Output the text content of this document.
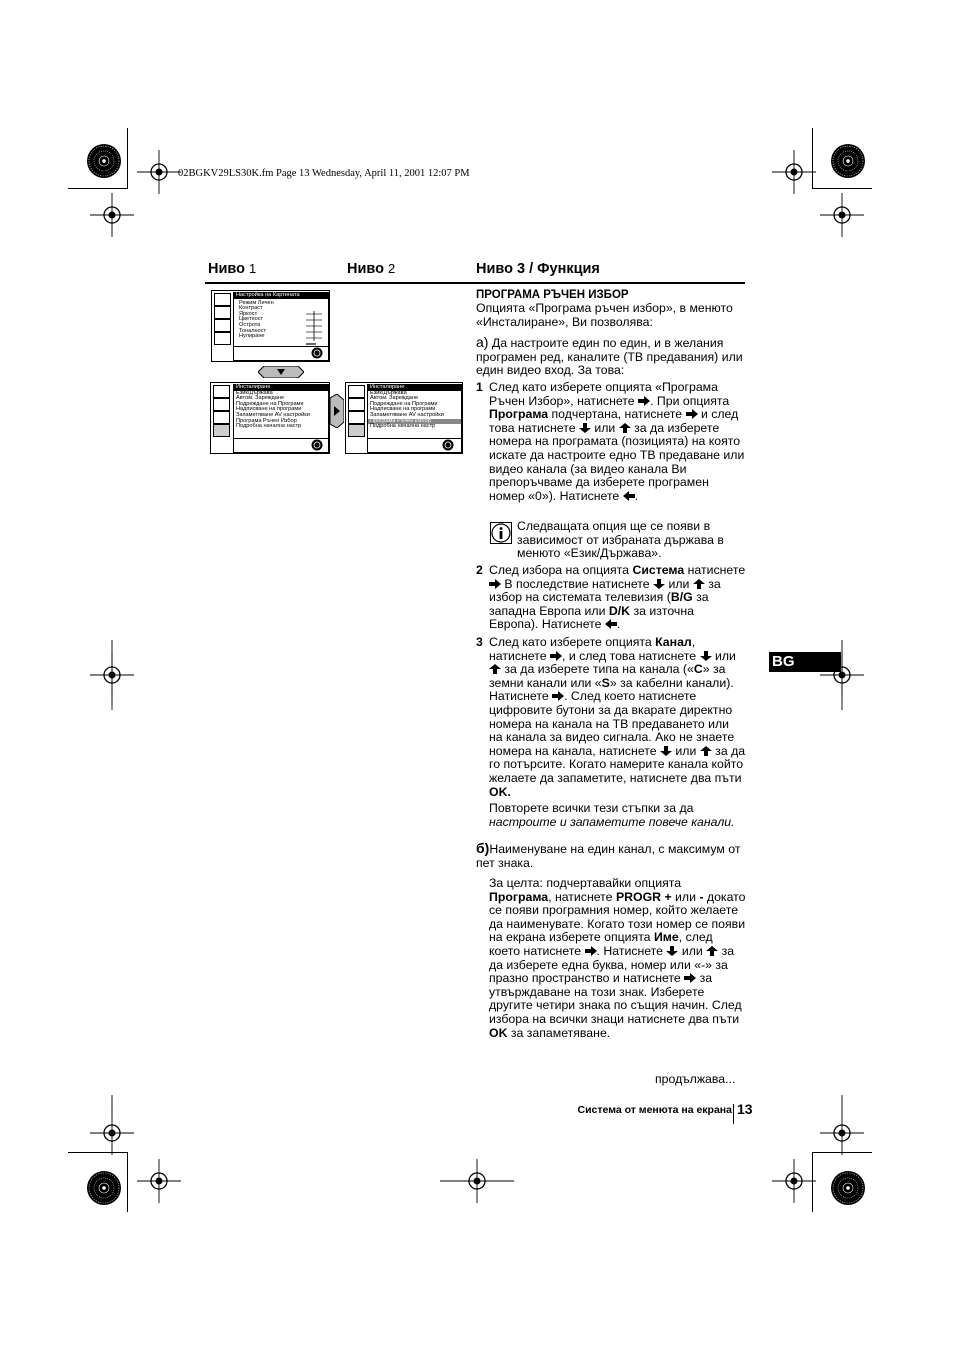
02BGKV29LS30K.fm Page 13 Wednesday, April 11, 2001 12:07 PM
Ниво 1	Ниво 2	Ниво 3 / Функция
Настройка на Картината
Режим Личен
Контраст
Яркост
Цветност
Острота
Тоналност
Нулиране
Инсталиране
Език/Държава
Автом. Зареждане
Подреждане на Програми
Надписване на програми
Запаметяване AV настройки
Програма Ръчен Избор
Подробна начална настр
Инсталиране
Език/Държава
Автом. Зареждане
Подреждане на Програми
Надписване на програми
Запаметяване AV настройки
Програма Ръчен Избор
Подробна начална настр
ПРОГРАМА РЪЧЕН ИЗБОР
Опцията «Програма ръчен избор», в менюто «Инсталиране», Ви позволява:
а) Да настроите един по един, и в желания програмен ред, каналите (ТВ предавания) или един видео вход. За това:
1 След като изберете опцията «Програма Ръчен Избор», натиснете . При опцията Програма подчертана, натиснете  и след това натиснете  или  за да изберете номера на програмата (позицията) на която искате да настроите едно ТВ предаване или видео канала (за видео канала Ви препоръчваме да изберете програмен номер «0»). Натиснете .
Следващата опция ще се появи в зависимост от избраната държава в менюто «Език/Държава».
2 След избора на опцията Система натиснете  В последствие натиснете  или  за избор на системата телевизия (B/G за западна Европа или D/K за източна Европа). Натиснете .
3 След като изберете опцията Канал, натиснете , и след това натиснете  или  за да изберете типа на канала («C» за земни канали или «S» за кабелни канали). Натиснете . След което натиснете цифровите бутони за да вкарате директно номера на канала на ТВ предаването или на канала за видео сигнала. Ако не знаете номера на канала, натиснете  или  за да го потърсите. Когато намерите канала който желаете да запаметите, натиснете два пъти OK.
Повторете всички тези стъпки за да настроите и запаметите повече канали.
б)Наименуване на един канал, с максимум от пет знака.
За целта: подчертавайки опцията Програма, натиснете PROGR + или - докато се появи програмния номер, който желаете да наименувате. Когато този номер се появи на екрана изберете опцията Име, след което натиснете . Натиснете  или  за да изберете една буква, номер или «-» за празно пространство и натиснете  за утвърждаване на този знак. Изберете другите четири знака по същия начин. След избора на всички знаци натиснете два пъти OK за запаметяване.
продължава...
BG
Система от менюта на екрана 13
